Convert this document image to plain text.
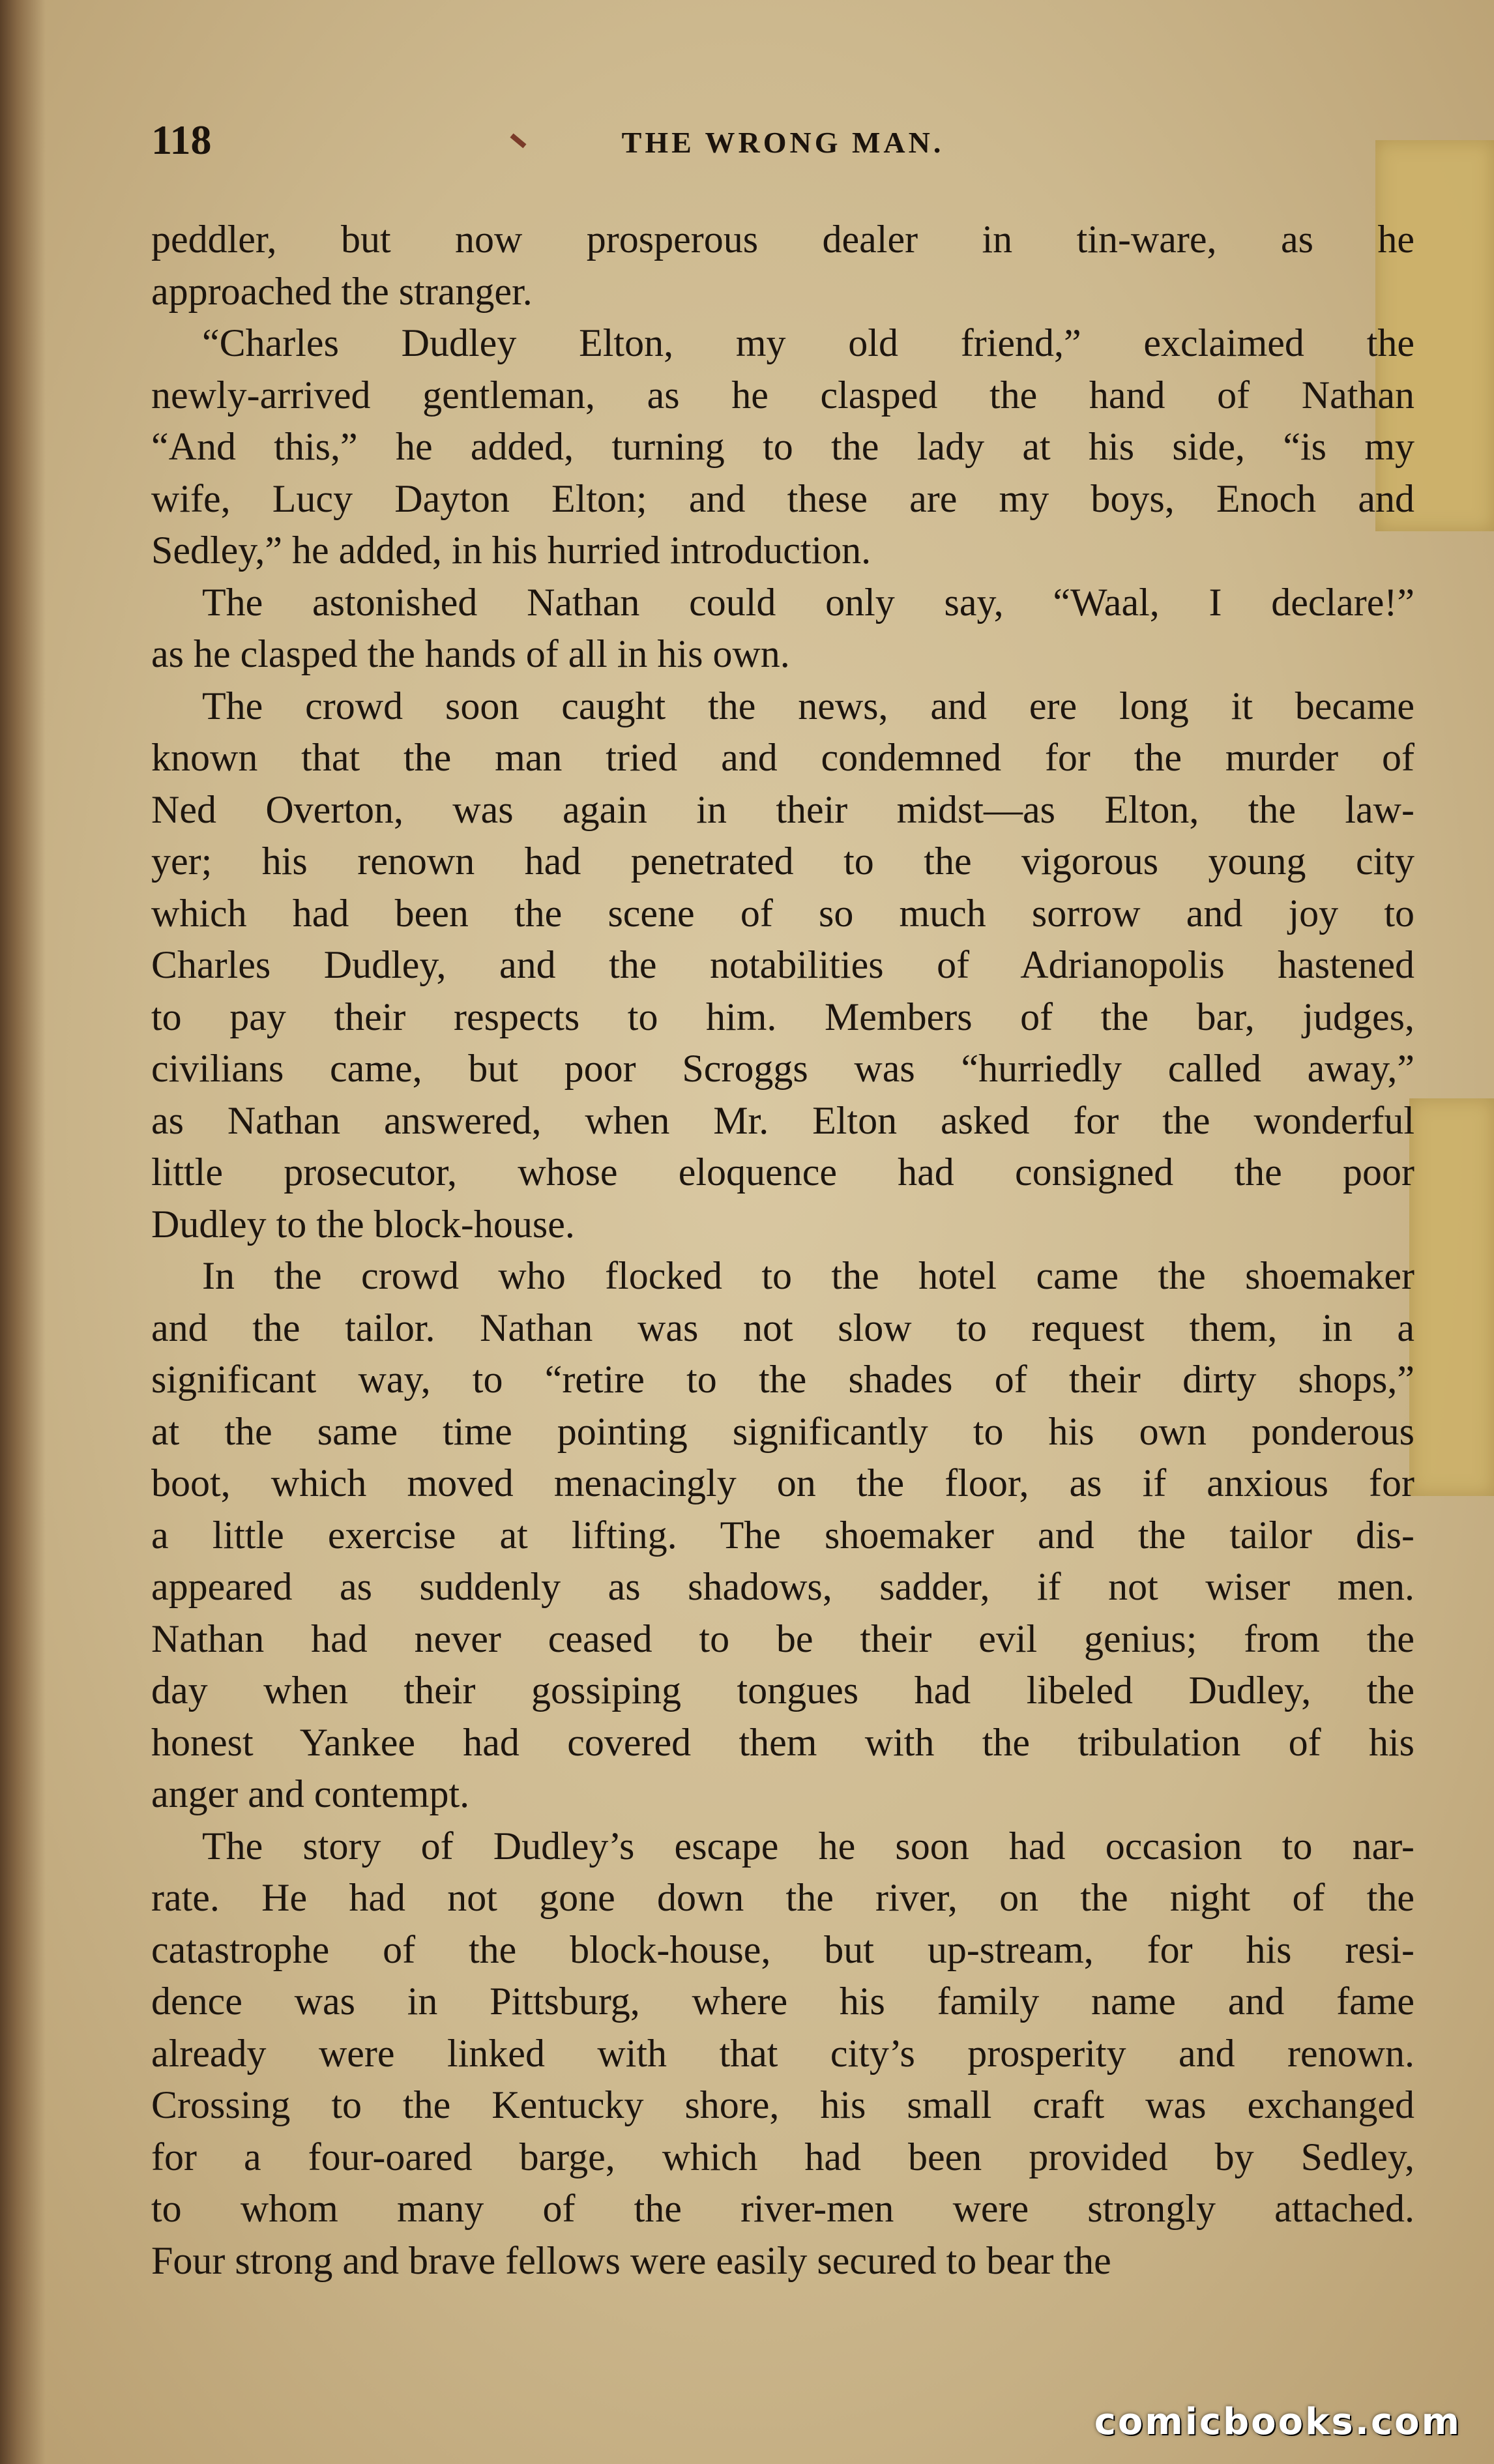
118	THE WRONG MAN.

peddler, but now prosperous dealer in tin-ware, as he
approached the stranger.

“Charles Dudley Elton, my old friend,” exclaimed the
newly-arrived gentleman, as he clasped the hand of Nathan
“And this,” he added, turning to the lady at his side, “is my
wife, Lucy Dayton Elton; and these are my boys, Enoch and
Sedley,” he added, in his hurried introduction.

The astonished Nathan could only say, “Waal, I declare!”
as he clasped the hands of all in his own.

The crowd soon caught the news, and ere long it became
known that the man tried and condemned for the murder of
Ned Overton, was again in their midst—as Elton, the law-
yer; his renown had penetrated to the vigorous young city
which had been the scene of so much sorrow and joy to
Charles Dudley, and the notabilities of Adrianopolis hastened
to pay their respects to him. Members of the bar, judges,
civilians came, but poor Scroggs was “hurriedly called away,”
as Nathan answered, when Mr. Elton asked for the wonderful
little prosecutor, whose eloquence had consigned the poor
Dudley to the block-house.

In the crowd who flocked to the hotel came the shoemaker
and the tailor. Nathan was not slow to request them, in a
significant way, to “retire to the shades of their dirty shops,”
at the same time pointing significantly to his own ponderous
boot, which moved menacingly on the floor, as if anxious for
a little exercise at lifting. The shoemaker and the tailor dis-
appeared as suddenly as shadows, sadder, if not wiser men.
Nathan had never ceased to be their evil genius; from the
day when their gossiping tongues had libeled Dudley, the
honest Yankee had covered them with the tribulation of his
anger and contempt.

The story of Dudley’s escape he soon had occasion to nar-
rate. He had not gone down the river, on the night of the
catastrophe of the block-house, but up-stream, for his resi-
dence was in Pittsburg, where his family name and fame
already were linked with that city’s prosperity and renown.
Crossing to the Kentucky shore, his small craft was exchanged
for a four-oared barge, which had been provided by Sedley,
to whom many of the river-men were strongly attached.
Four strong and brave fellows were easily secured to bear the

comicbooks.com
